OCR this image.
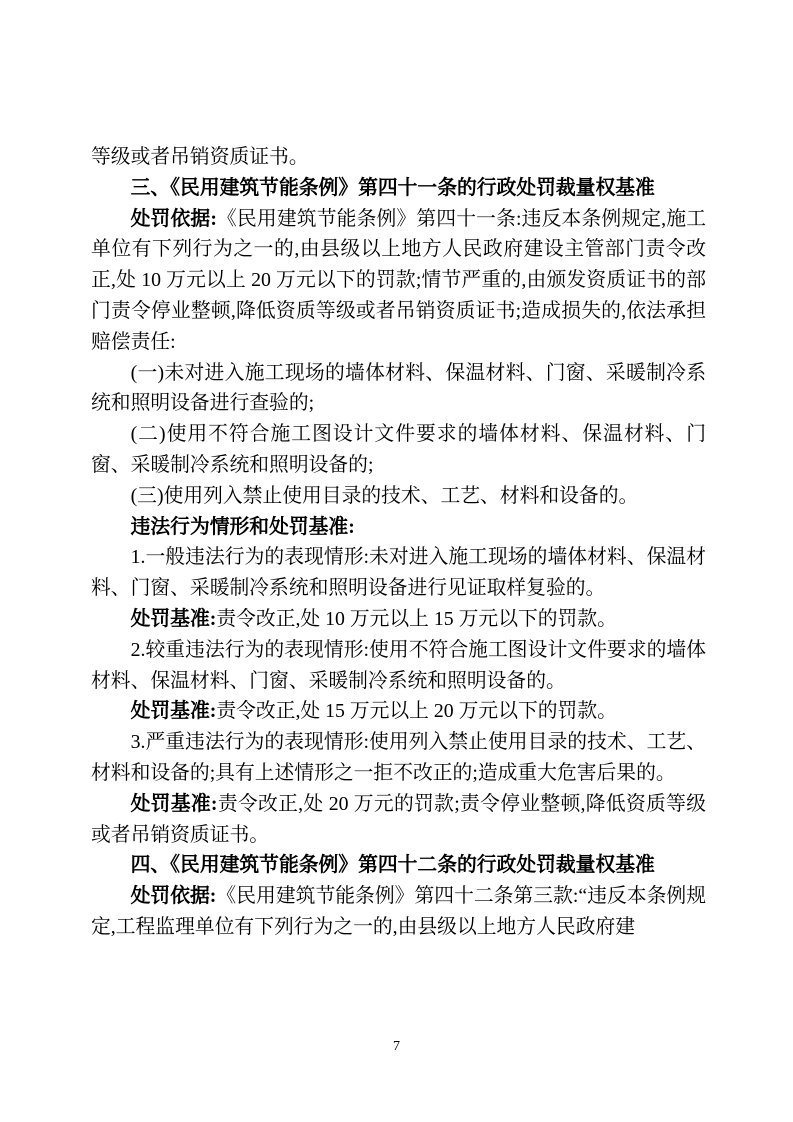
等级或者吊销资质证书。

三、《民用建筑节能条例》第四十一条的行政处罚裁量权基准

处罚依据:《民用建筑节能条例》第四十一条:违反本条例规定,施工单位有下列行为之一的,由县级以上地方人民政府建设主管部门责令改正,处 10 万元以上 20 万元以下的罚款;情节严重的,由颁发资质证书的部门责令停业整顿,降低资质等级或者吊销资质证书;造成损失的,依法承担赔偿责任:

(一)未对进入施工现场的墙体材料、保温材料、门窗、采暖制冷系统和照明设备进行查验的;

(二)使用不符合施工图设计文件要求的墙体材料、保温材料、门窗、采暖制冷系统和照明设备的;

(三)使用列入禁止使用目录的技术、工艺、材料和设备的。

违法行为情形和处罚基准:

1.一般违法行为的表现情形:未对进入施工现场的墙体材料、保温材料、门窗、采暖制冷系统和照明设备进行见证取样复验的。

处罚基准:责令改正,处 10 万元以上 15 万元以下的罚款。

2.较重违法行为的表现情形:使用不符合施工图设计文件要求的墙体材料、保温材料、门窗、采暖制冷系统和照明设备的。

处罚基准:责令改正,处 15 万元以上 20 万元以下的罚款。

3.严重违法行为的表现情形:使用列入禁止使用目录的技术、工艺、材料和设备的;具有上述情形之一拒不改正的;造成重大危害后果的。

处罚基准:责令改正,处 20 万元的罚款;责令停业整顿,降低资质等级或者吊销资质证书。

四、《民用建筑节能条例》第四十二条的行政处罚裁量权基准

处罚依据:《民用建筑节能条例》第四十二条第三款:“违反本条例规定,工程监理单位有下列行为之一的,由县级以上地方人民政府建

7
